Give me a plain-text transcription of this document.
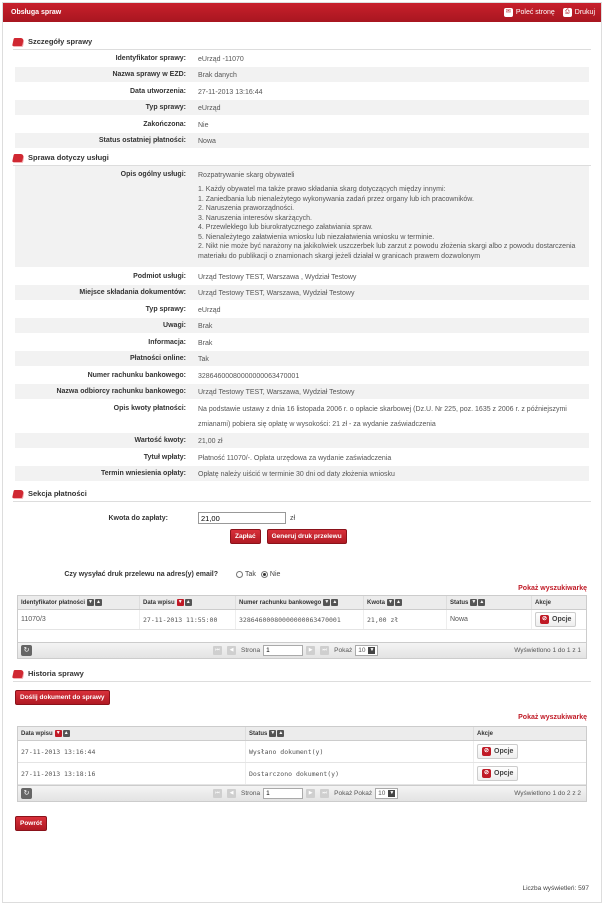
Obsługa spraw	✉ Poleć stronę	⎙ Drukuj
Szczegóły sprawy
Identyfikator sprawy:	eUrząd -11070
Nazwa sprawy w EZD:	Brak danych
Data utworzenia:	27-11-2013 13:16:44
Typ sprawy:	eUrząd
Zakończona:	Nie
Status ostatniej płatności:	Nowa
Sprawa dotyczy usługi
Opis ogólny usługi:	Rozpatrywanie skarg obywateli

1. Każdy obywatel ma także prawo składania skarg dotyczących między innymi:
1. Zaniedbania lub nienależytego wykonywania zadań przez organy lub ich pracowników.
2. Naruszenia praworządności.
3. Naruszenia interesów skarżących.
4. Przewlekłego lub biurokratycznego załatwiania spraw.
5. Nienależytego załatwienia wniosku lub niezałatwienia wniosku w terminie.
2. Nikt nie może być narażony na jakikolwiek uszczerbek lub zarzut z powodu złożenia skargi albo z powodu dostarczenia materiału do publikacji o znamionach skargi jeżeli działał w granicach prawem dozwolonym
Podmiot usługi:	Urząd Testowy TEST, Warszawa , Wydział Testowy
Miejsce składania dokumentów:	Urząd Testowy TEST, Warszawa, Wydział Testowy
Typ sprawy:	eUrząd
Uwagi:	Brak
Informacja:	Brak
Płatności online:	Tak
Numer rachunku bankowego:	32864600080000000063470001
Nazwa odbiorcy rachunku bankowego:	Urząd Testowy TEST, Warszawa, Wydział Testowy
Opis kwoty płatności:	Na podstawie ustawy z dnia 16 listopada 2006 r. o opłacie skarbowej (Dz.U. Nr 225, poz. 1635 z 2006 r. z późniejszymi zmianami) pobiera się opłatę w wysokości: 21 zł - za wydanie zaświadczenia
Wartość kwoty:	21,00 zł
Tytuł wpłaty:	Płatność 11070/-. Opłata urzędowa za wydanie zaświadczenia
Termin wniesienia opłaty:	Opłatę należy uiścić w terminie 30 dni od daty złożenia wniosku
Sekcja płatności
Kwota do zapłaty:
21,00	zł
Zapłać	Generuj druk przelewu
Czy wysyłać druk przelewu na adres(y) email?	Tak Nie
Pokaż wyszukiwarkę
Identyfikator płatności ▼ ▲	Data wpisu ▼ ▲	Numer rachunku bankowego ▼ ▲	Kwota ▼ ▲	Status ▼ ▲	Akcje
11070/3	27-11-2013 11:55:00	32864600080000000063470001	21,00 zł	Nowa	⊘ Opcje
↻	⏮	◀	Strona
1	▶	⏭	Pokaż 10 ▼	Wyświetlono 1 do 1 z 1
Historia sprawy
Doślij dokument do sprawy
Pokaż wyszukiwarkę
Data wpisu ▼ ▲	Status ▼ ▲	Akcje
27-11-2013 13:16:44	Wysłano dokument(y)	⊘ Opcje
27-11-2013 13:18:16	Dostarczono dokument(y)	⊘ Opcje
↻	⏮	◀	Strona
1	▶	⏭	Pokaż Pokaż 10 ▼	Wyświetlono 1 do 2 z 2
Powrót
Liczba wyświetleń: 597
